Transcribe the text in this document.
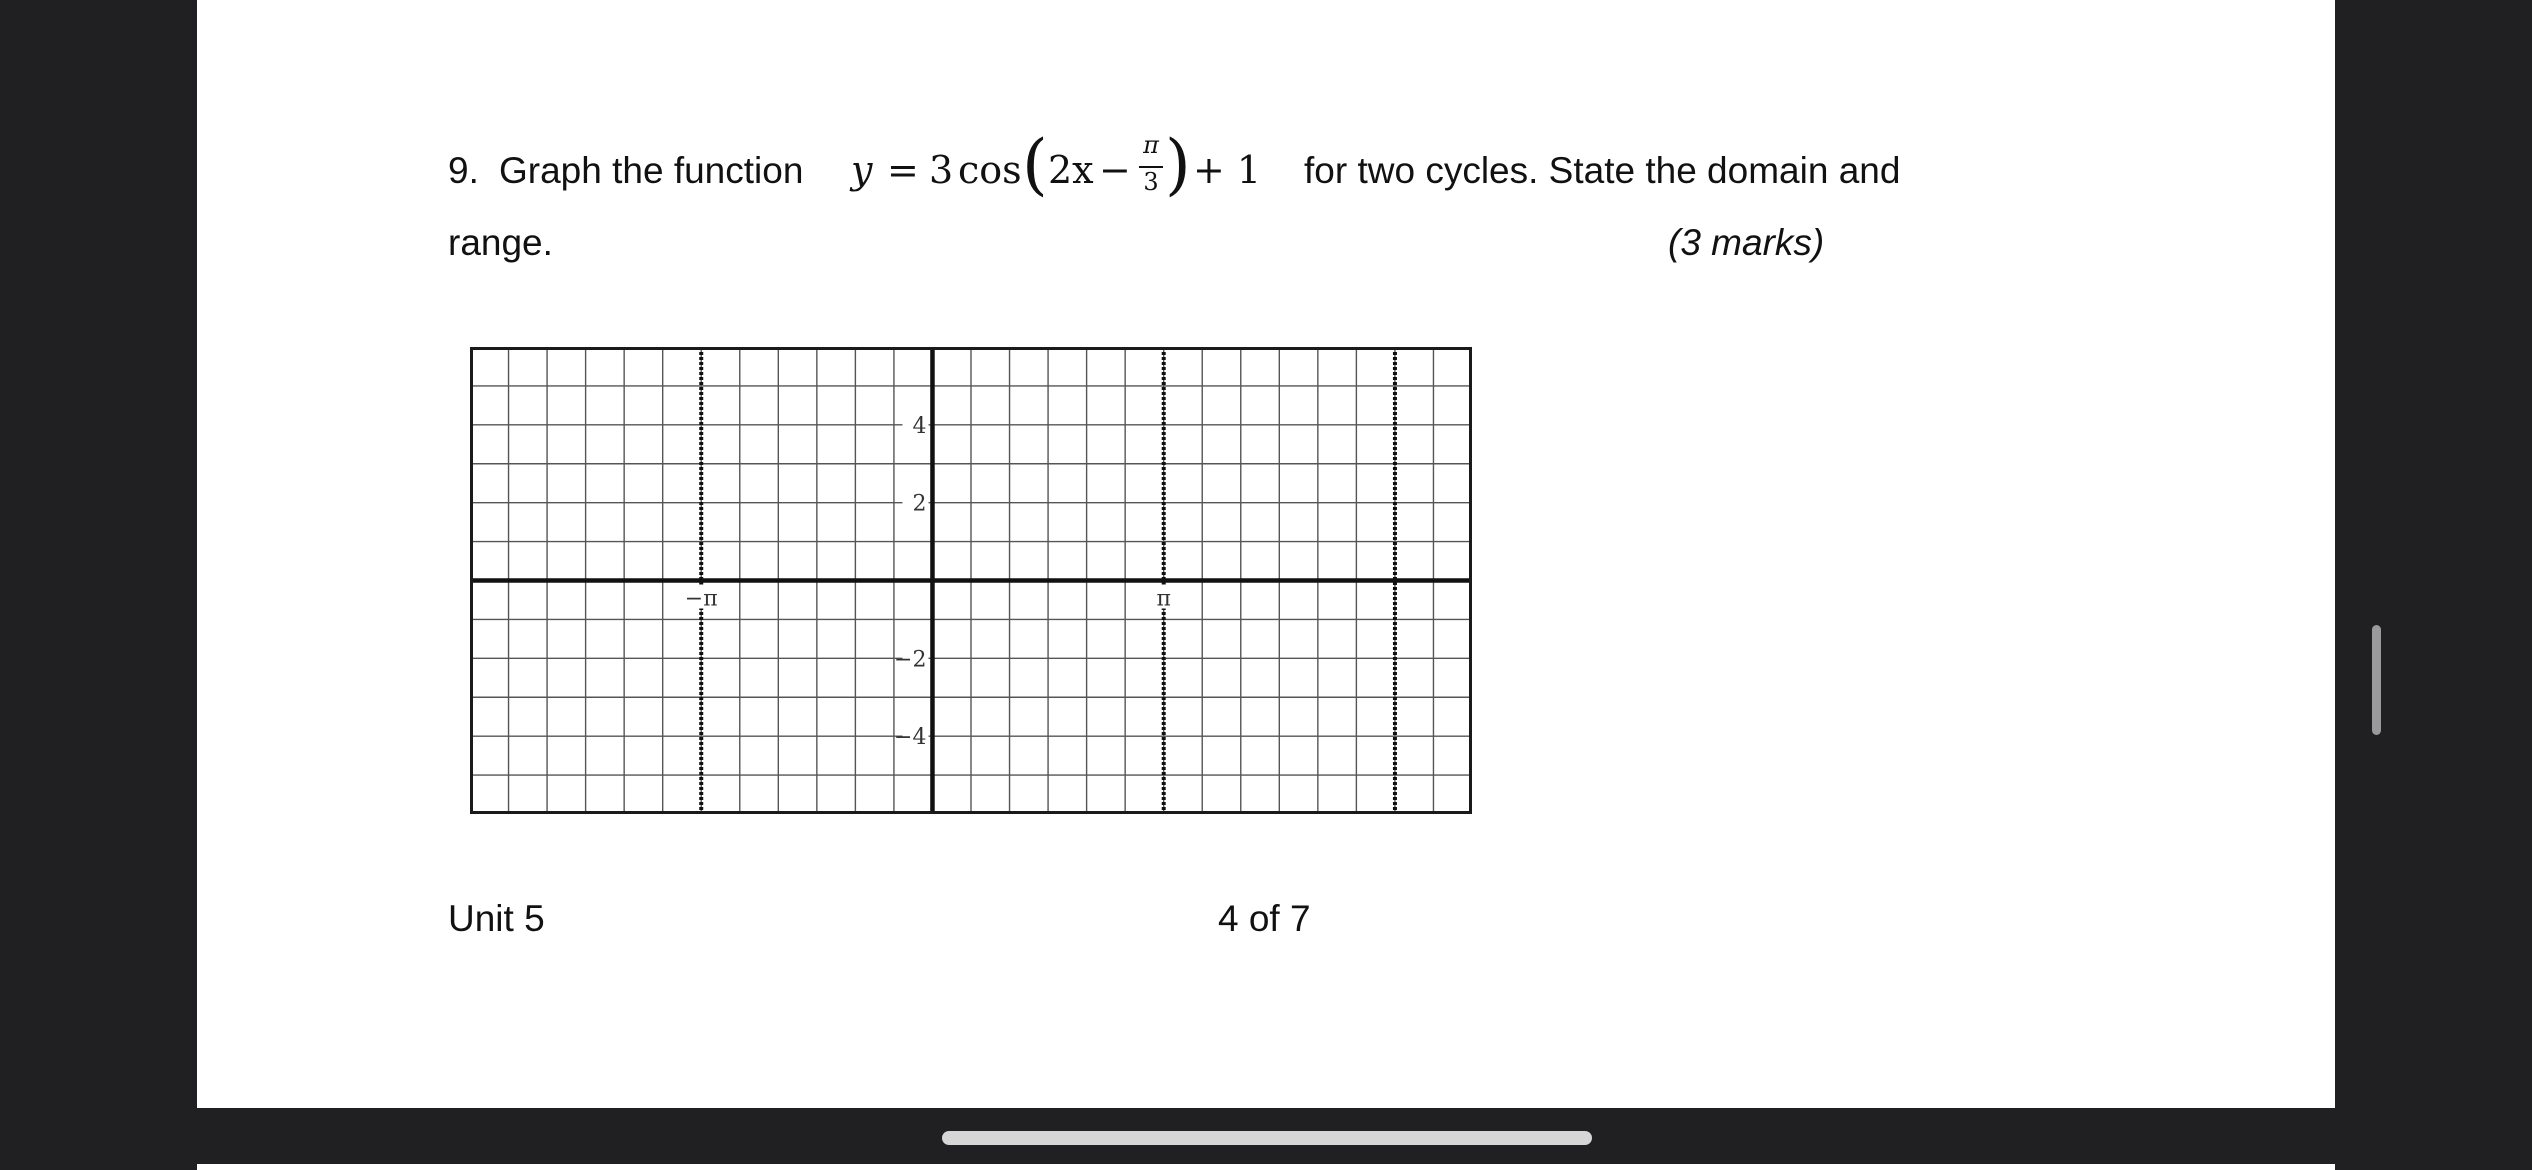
9. Graph the function y = 3 cos ( 2x −
π
3 ) + 1 for two cycles. State the domain and
range.	(3 marks)
Unit 5	4 of 7
−π	π
4
2
−2
−4
